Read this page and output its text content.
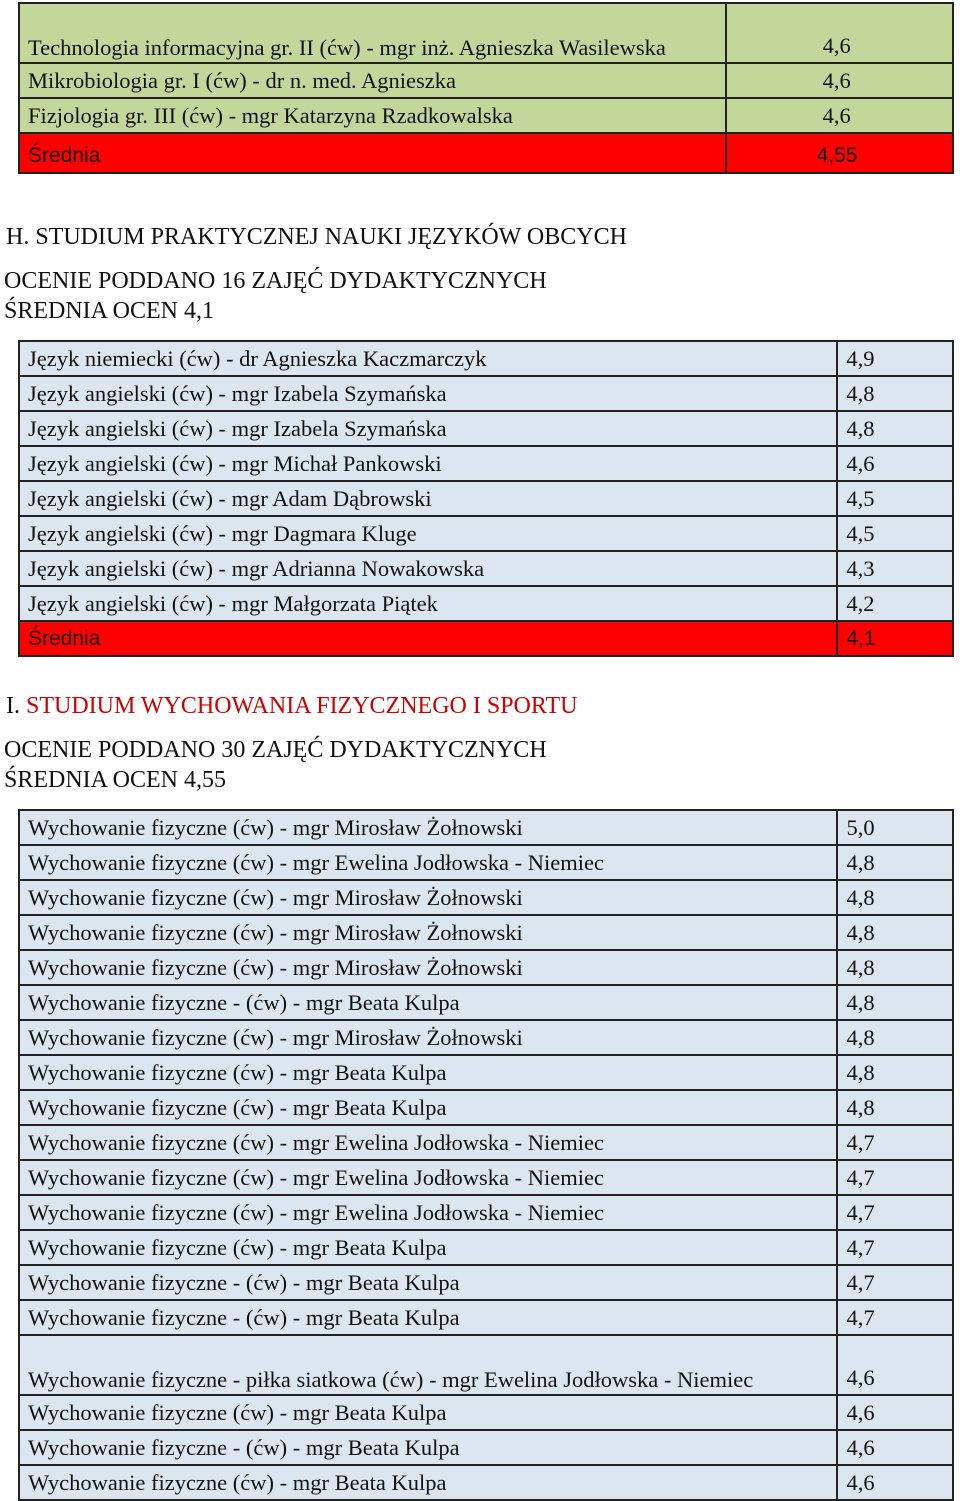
Technologia informacyjna gr. II (ćw) - mgr inż. Agnieszka Wasilewska	4,6
Mikrobiologia gr. I (ćw) - dr n. med. Agnieszka	4,6
Fizjologia gr. III (ćw) - mgr Katarzyna Rzadkowalska	4,6
Średnia	4,55
H. STUDIUM PRAKTYCZNEJ NAUKI JĘZYKÓW OBCYCH
OCENIE PODDANO 16 ZAJĘĆ DYDAKTYCZNYCH
ŚREDNIA OCEN 4,1
Język niemiecki (ćw) - dr Agnieszka Kaczmarczyk	4,9
Język angielski (ćw) - mgr Izabela Szymańska	4,8
Język angielski (ćw) - mgr Izabela Szymańska	4,8
Język angielski (ćw) - mgr Michał Pankowski	4,6
Język angielski (ćw) - mgr Adam Dąbrowski	4,5
Język angielski (ćw) - mgr Dagmara Kluge	4,5
Język angielski (ćw) - mgr Adrianna Nowakowska	4,3
Język angielski (ćw) - mgr Małgorzata Piątek	4,2
Średnia	4,1
I. STUDIUM WYCHOWANIA FIZYCZNEGO I SPORTU
OCENIE PODDANO 30 ZAJĘĆ DYDAKTYCZNYCH
ŚREDNIA OCEN 4,55
Wychowanie fizyczne (ćw) - mgr Mirosław Żołnowski	5,0
Wychowanie fizyczne (ćw) - mgr Ewelina Jodłowska - Niemiec	4,8
Wychowanie fizyczne (ćw) - mgr Mirosław Żołnowski	4,8
Wychowanie fizyczne (ćw) - mgr Mirosław Żołnowski	4,8
Wychowanie fizyczne (ćw) - mgr Mirosław Żołnowski	4,8
Wychowanie fizyczne - (ćw) - mgr Beata Kulpa	4,8
Wychowanie fizyczne (ćw) - mgr Mirosław Żołnowski	4,8
Wychowanie fizyczne (ćw) - mgr Beata Kulpa	4,8
Wychowanie fizyczne (ćw) - mgr Beata Kulpa	4,8
Wychowanie fizyczne (ćw) - mgr Ewelina Jodłowska - Niemiec	4,7
Wychowanie fizyczne (ćw) - mgr Ewelina Jodłowska - Niemiec	4,7
Wychowanie fizyczne (ćw) - mgr Ewelina Jodłowska - Niemiec	4,7
Wychowanie fizyczne (ćw) - mgr Beata Kulpa	4,7
Wychowanie fizyczne - (ćw) - mgr Beata Kulpa	4,7
Wychowanie fizyczne - (ćw) - mgr Beata Kulpa	4,7
Wychowanie fizyczne - piłka siatkowa (ćw) - mgr Ewelina Jodłowska - Niemiec	4,6
Wychowanie fizyczne (ćw) - mgr Beata Kulpa	4,6
Wychowanie fizyczne - (ćw) - mgr Beata Kulpa	4,6
Wychowanie fizyczne (ćw) - mgr Beata Kulpa	4,6
